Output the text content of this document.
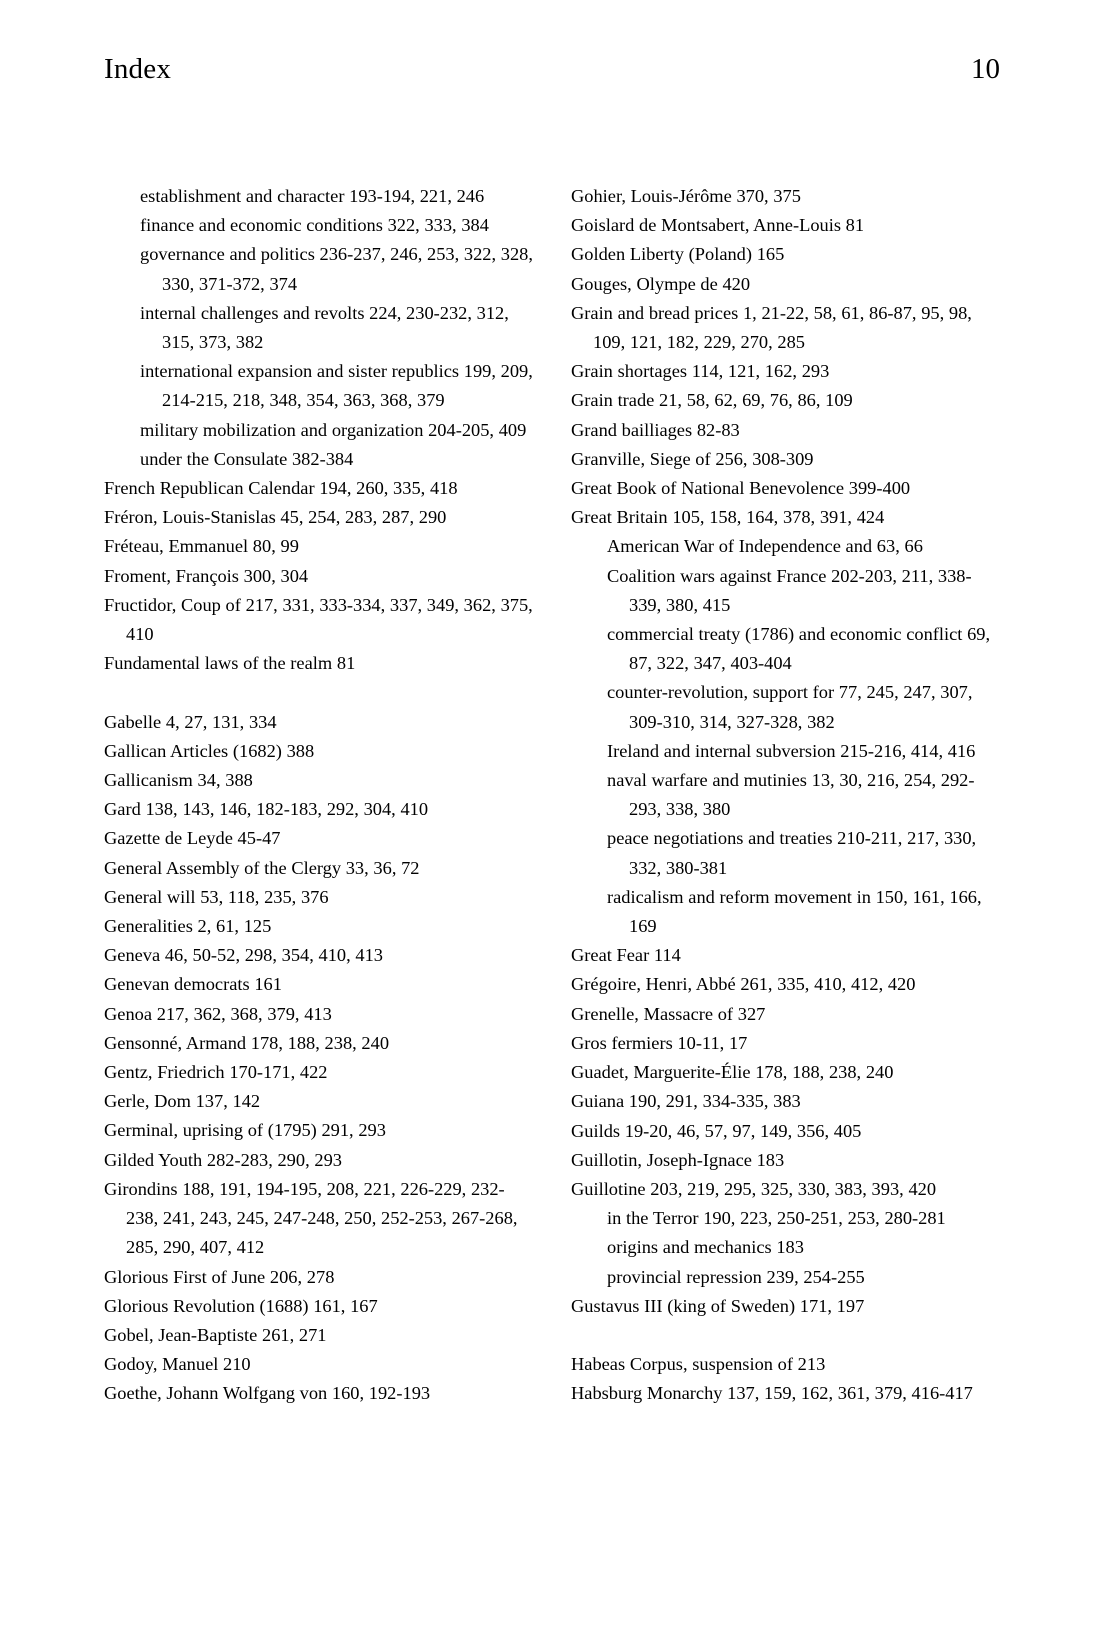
Index	10

establishment and character 193-194, 221, 246

finance and economic conditions 322, 333, 384

governance and politics 236-237, 246, 253, 322, 328, 330, 371-372, 374

internal challenges and revolts 224, 230-232, 312, 315, 373, 382

international expansion and sister republics 199, 209, 214-215, 218, 348, 354, 363, 368, 379

military mobilization and organization 204-205, 409

under the Consulate 382-384

French Republican Calendar 194, 260, 335, 418

Fréron, Louis-Stanislas 45, 254, 283, 287, 290

Fréteau, Emmanuel 80, 99

Froment, François 300, 304

Fructidor, Coup of 217, 331, 333-334, 337, 349, 362, 375, 410

Fundamental laws of the realm 81

Gabelle 4, 27, 131, 334

Gallican Articles (1682) 388

Gallicanism 34, 388

Gard 138, 143, 146, 182-183, 292, 304, 410

Gazette de Leyde 45-47

General Assembly of the Clergy 33, 36, 72

General will 53, 118, 235, 376

Generalities 2, 61, 125

Geneva 46, 50-52, 298, 354, 410, 413

Genevan democrats 161

Genoa 217, 362, 368, 379, 413

Gensonné, Armand 178, 188, 238, 240

Gentz, Friedrich 170-171, 422

Gerle, Dom 137, 142

Germinal, uprising of (1795) 291, 293

Gilded Youth 282-283, 290, 293

Girondins 188, 191, 194-195, 208, 221, 226-229, 232-238, 241, 243, 245, 247-248, 250, 252-253, 267-268, 285, 290, 407, 412

Glorious First of June 206, 278

Glorious Revolution (1688) 161, 167

Gobel, Jean-Baptiste 261, 271

Godoy, Manuel 210

Goethe, Johann Wolfgang von 160, 192-193

Gohier, Louis-Jérôme 370, 375

Goislard de Montsabert, Anne-Louis 81

Golden Liberty (Poland) 165

Gouges, Olympe de 420

Grain and bread prices 1, 21-22, 58, 61, 86-87, 95, 98, 109, 121, 182, 229, 270, 285

Grain shortages 114, 121, 162, 293

Grain trade 21, 58, 62, 69, 76, 86, 109

Grand bailliages 82-83

Granville, Siege of 256, 308-309

Great Book of National Benevolence 399-400

Great Britain 105, 158, 164, 378, 391, 424

American War of Independence and 63, 66

Coalition wars against France 202-203, 211, 338-339, 380, 415

commercial treaty (1786) and economic conflict 69, 87, 322, 347, 403-404

counter-revolution, support for 77, 245, 247, 307, 309-310, 314, 327-328, 382

Ireland and internal subversion 215-216, 414, 416

naval warfare and mutinies 13, 30, 216, 254, 292-293, 338, 380

peace negotiations and treaties 210-211, 217, 330, 332, 380-381

radicalism and reform movement in 150, 161, 166, 169

Great Fear 114

Grégoire, Henri, Abbé 261, 335, 410, 412, 420

Grenelle, Massacre of 327

Gros fermiers 10-11, 17

Guadet, Marguerite-Élie 178, 188, 238, 240

Guiana 190, 291, 334-335, 383

Guilds 19-20, 46, 57, 97, 149, 356, 405

Guillotin, Joseph-Ignace 183

Guillotine 203, 219, 295, 325, 330, 383, 393, 420

in the Terror 190, 223, 250-251, 253, 280-281

origins and mechanics 183

provincial repression 239, 254-255

Gustavus III (king of Sweden) 171, 197

Habeas Corpus, suspension of 213

Habsburg Monarchy 137, 159, 162, 361, 379, 416-417
